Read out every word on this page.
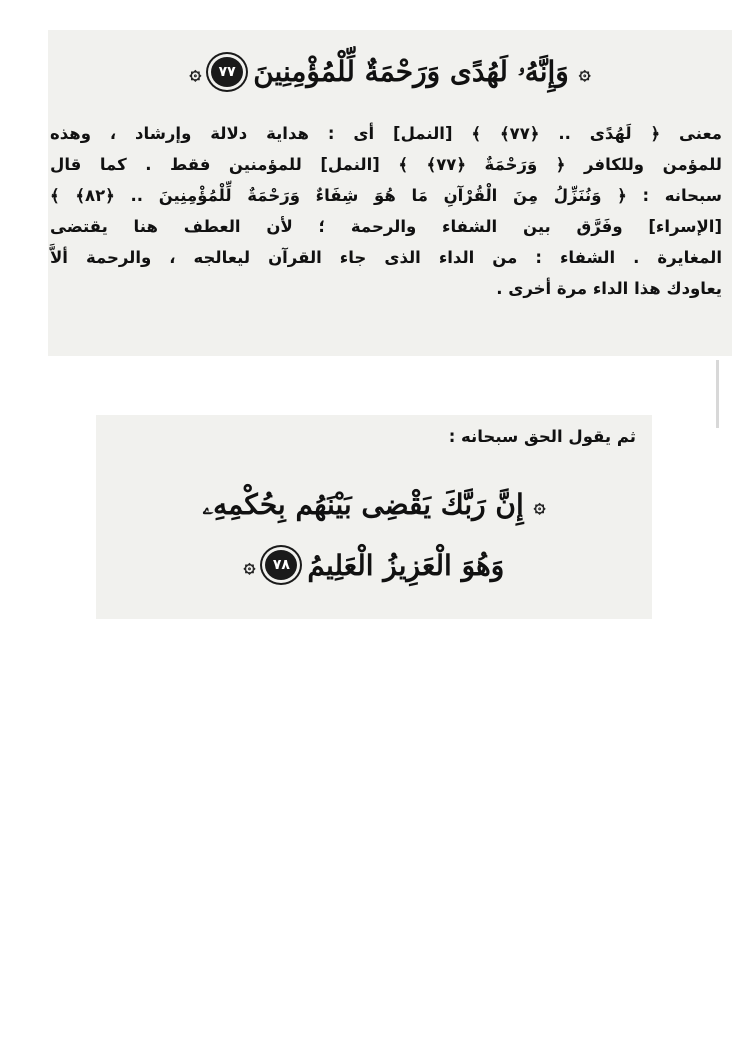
۞
وَإِنَّهُۥ لَهُدًى وَرَحْمَةٌ لِّلْمُؤْمِنِينَ
٧٧
۞
معنى ﴿ لَهُدًى .. ﴿٧٧﴾ ﴾ [النمل] أى : هداية دلالة وإرشاد ، وهذه
للمؤمن وللكافر ﴿ وَرَحْمَةٌ ﴿٧٧﴾ ﴾ [النمل] للمؤمنين فقط . كما قال
سبحانه : ﴿ وَنُنَزِّلُ مِنَ الْقُرْآنِ مَا هُوَ شِفَاءٌ وَرَحْمَةٌ لِّلْمُؤْمِنِينَ .. ﴿٨٢﴾ ﴾
[الإسراء] وفَرَّق بين الشفاء والرحمة ؛ لأن العطف هنا يقتضى
المغايرة . الشفاء : من الداء الذى جاء القرآن ليعالجه ، والرحمة ألاَّ
يعاودك هذا الداء مرة أخرى .
ثم يقول الحق سبحانه :
۞
إِنَّ رَبَّكَ يَقْضِى بَيْنَهُم بِحُكْمِهِۦ
وَهُوَ الْعَزِيزُ الْعَلِيمُ
٧٨
۞
